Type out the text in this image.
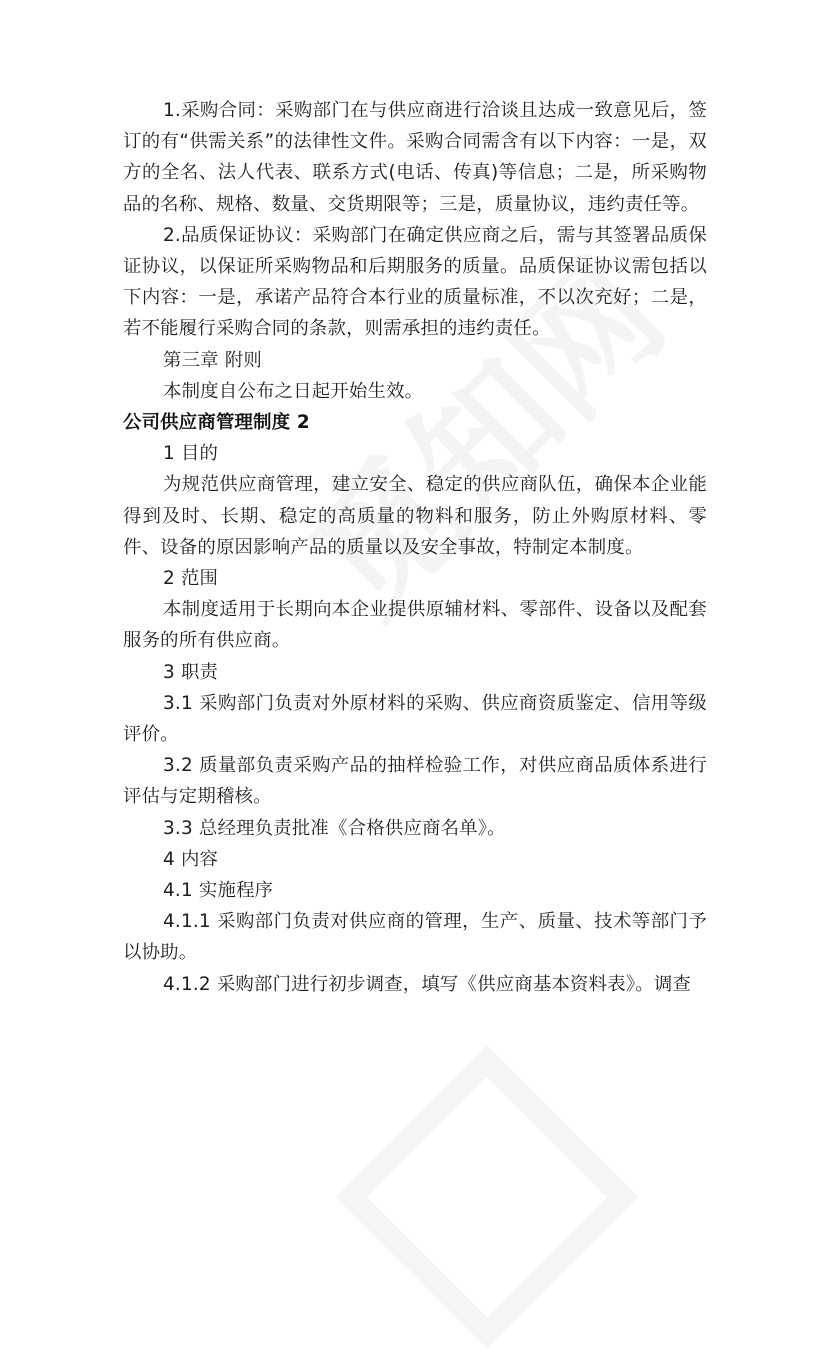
1.采购合同：采购部门在与供应商进行洽谈且达成一致意见后，签订的有“供需关系”的法律性文件。采购合同需含有以下内容：一是，双方的全名、法人代表、联系方式(电话、传真)等信息；二是，所采购物品的名称、规格、数量、交货期限等；三是，质量协议，违约责任等。

2.品质保证协议：采购部门在确定供应商之后，需与其签署品质保证协议，以保证所采购物品和后期服务的质量。品质保证协议需包括以下内容：一是，承诺产品符合本行业的质量标准，不以次充好；二是，若不能履行采购合同的条款，则需承担的违约责任。

第三章 附则

本制度自公布之日起开始生效。

公司供应商管理制度 2

1 目的

为规范供应商管理，建立安全、稳定的供应商队伍，确保本企业能得到及时、长期、稳定的高质量的物料和服务，防止外购原材料、零件、设备的原因影响产品的质量以及安全事故，特制定本制度。

2 范围

本制度适用于长期向本企业提供原辅材料、零部件、设备以及配套服务的所有供应商。

3 职责

3.1 采购部门负责对外原材料的采购、供应商资质鉴定、信用等级评价。

3.2 质量部负责采购产品的抽样检验工作，对供应商品质体系进行评估与定期稽核。

3.3 总经理负责批准《合格供应商名单》。

4 内容

4.1 实施程序

4.1.1 采购部门负责对供应商的管理，生产、质量、技术等部门予以协助。

4.1.2 采购部门进行初步调查，填写《供应商基本资料表》。调查
